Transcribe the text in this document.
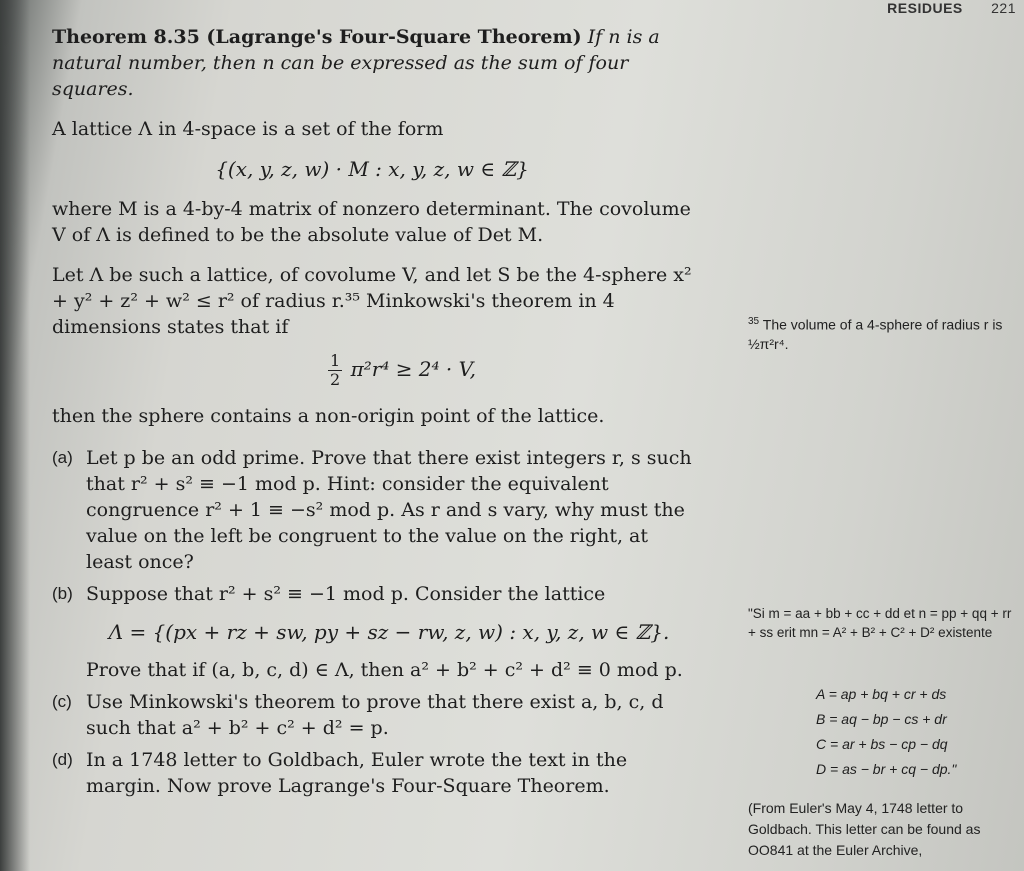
RESIDUES 221

Theorem 8.35 (Lagrange's Four-Square Theorem) If n is a natural number, then n can be expressed as the sum of four squares.

A lattice Λ in 4-space is a set of the form

{(x, y, z, w) · M : x, y, z, w ∈ ℤ}

where M is a 4-by-4 matrix of nonzero determinant. The covolume V of Λ is defined to be the absolute value of Det M.

Let Λ be such a lattice, of covolume V, and let S be the 4-sphere x² + y² + z² + w² ≤ r² of radius r.³⁵ Minkowski's theorem in 4 dimensions states that if

$\frac{1}{2} \pi^2r^4 \ge 2^4 \cdot V$,

then the sphere contains a non-origin point of the lattice.

(a) Let p be an odd prime. Prove that there exist integers r, s such that r² + s² ≡ −1 mod p. Hint: consider the equivalent congruence r² + 1 ≡ −s² mod p. As r and s vary, why must the value on the left be congruent to the value on the right, at least once?
(b) Suppose that r² + s² ≡ −1 mod p. Consider the lattice

Λ = {(px + rz + sw, py + sz − rw, z, w) : x, y, z, w ∈ ℤ}.

Prove that if (a, b, c, d) ∈ Λ, then a² + b² + c² + d² ≡ 0 mod p.

(c) Use Minkowski's theorem to prove that there exist a, b, c, d such that a² + b² + c² + d² = p.
(d) In a 1748 letter to Goldbach, Euler wrote the text in the margin. Now prove Lagrange's Four-Square Theorem.
$^{35}$ The volume of a 4-sphere of radius r is ½π²r⁴.
"Si m = aa + bb + cc + dd et n = pp + qq + rr + ss erit mn = A² + B² + C² + D² existente
A = ap + bq + cr + ds
B = aq − bp − cs + dr
C = ar + bs − cp − dq
D = as − br + cq − dp."
(From Euler's May 4, 1748 letter to Goldbach. This letter can be found as OO841 at the Euler Archive,
